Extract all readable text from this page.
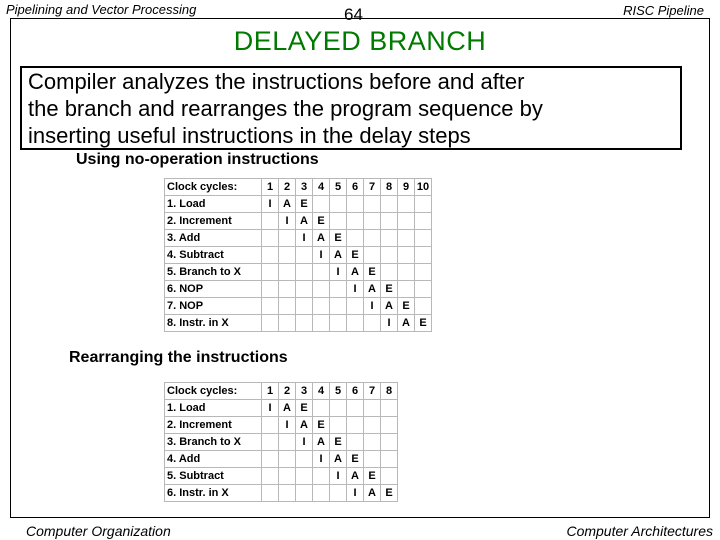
Pipelining and Vector Processing	64	RISC Pipeline
DELAYED BRANCH

Compiler analyzes the instructions before and after

the branch and rearranges the program sequence by

inserting useful instructions in the delay steps

Using no-operation instructions
Clock cycles:	1	2	3	4	5	6	7	8	9	10
1. Load	I	A	E							
2. Increment		I	A	E						
3. Add			I	A	E					
4. Subtract				I	A	E				
5. Branch to X					I	A	E			
6. NOP						I	A	E		
7. NOP							I	A	E	
8. Instr. in X								I	A	E
Rearranging the instructions
Clock cycles:	1	2	3	4	5	6	7	8
1. Load	I	A	E					
2. Increment		I	A	E				
3. Branch to X			I	A	E			
4. Add				I	A	E		
5. Subtract					I	A	E	
6. Instr. in X						I	A	E
Computer Organization	Computer Architectures
